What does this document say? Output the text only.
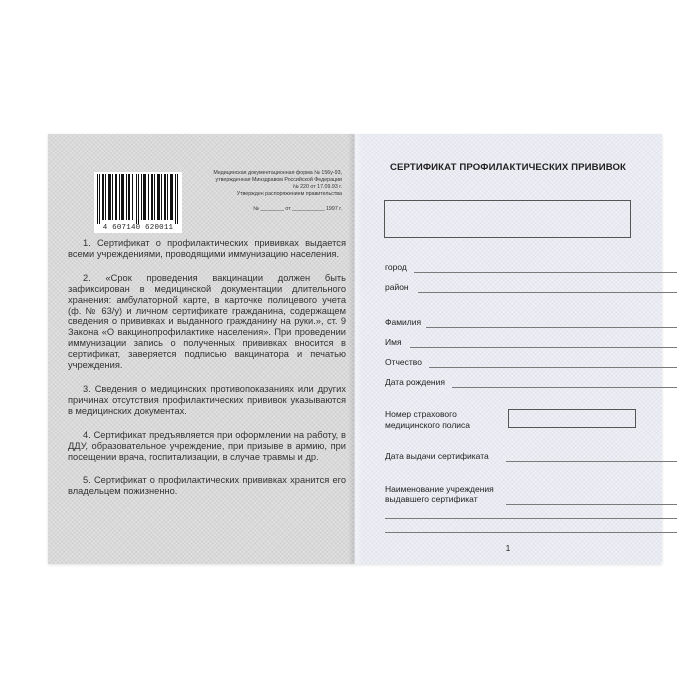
4 607140 620011
Медицинская документационная форма № 156у-93,
утвержденная Минздравом Российской Федерации
№ 220 от 17.09.93 г.
Утвержден распоряжением правительства
№ ________ от ___________ 1997 г.

1. Сертификат о профилактических прививках выдается всеми учреждениями, проводящими иммунизацию населения.

2. «Срок проведения вакцинации должен быть зафиксирован в медицинской документации длительного хранения: амбулаторной карте, в карточке полицевого учета (ф. № 63/у) и личном сертификате гражданина, содержащем сведения о прививках и выданного гражданину на руки.», ст. 9 Закона «О вакцинопрофилактике населения». При проведении иммунизации запись о полученных прививках вносится в сертификат, заверяется подписью вакцинатора и печатью учреждения.

3. Сведения о медицинских противопоказаниях или других причинах отсутствия профилактических прививок указываются в медицинских документах.

4. Сертификат предъявляется при оформлении на работу, в ДДУ, образовательное учреждение, при призыве в армию, при посещении врача, госпитализации, в случае травмы и др.

5. Сертификат о профилактических прививках хранится его владельцем пожизненно.

СЕРТИФИКАТ ПРОФИЛАКТИЧЕСКИХ ПРИВИВОК
город
район
Фамилия
Имя
Отчество
Дата рождения
Номер страхового
медицинского полиса
Дата выдачи сертификата
Наименование учреждения
выдавшего сертификат
1
